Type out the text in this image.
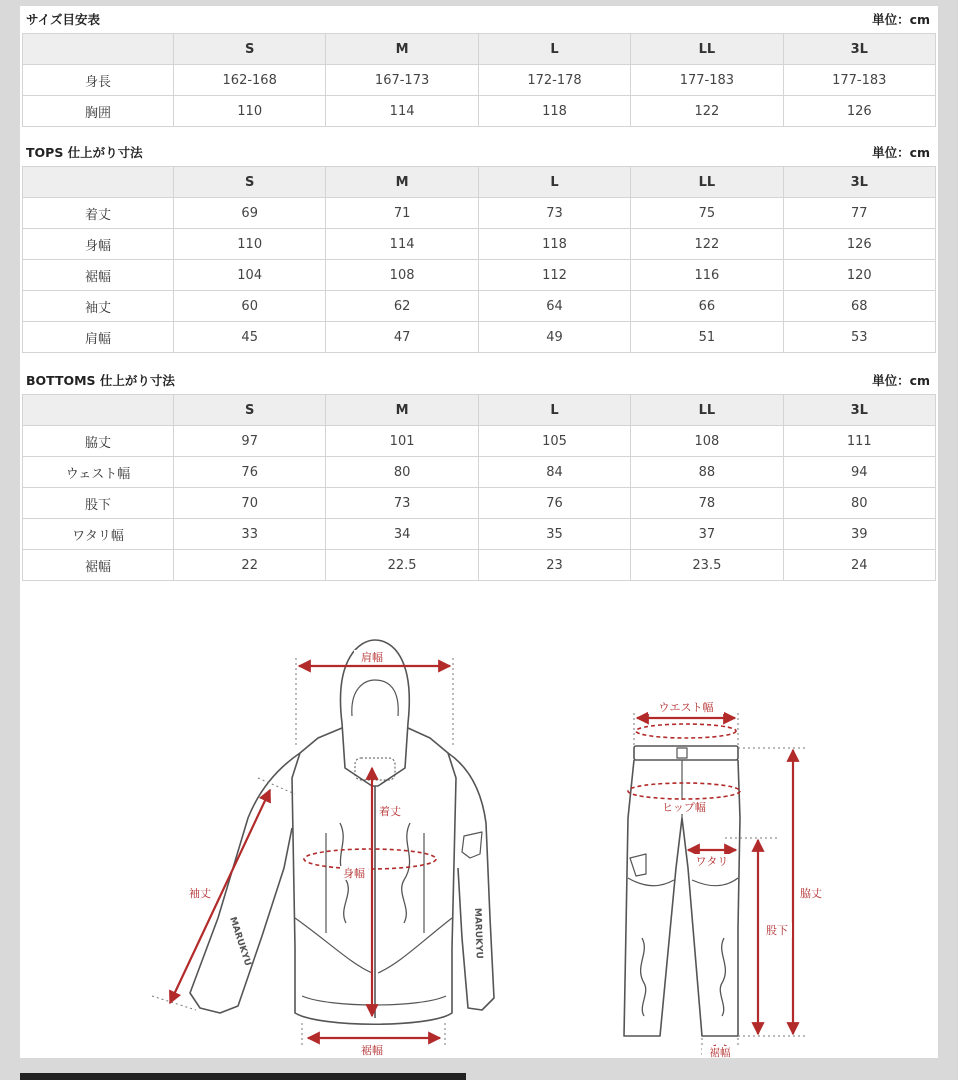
サイズ目安表	単位：cm
	S	M	L	LL	3L
身長	162-168	167-173	172-178	177-183	177-183
胸囲	110	114	118	122	126
TOPS 仕上がり寸法	単位：cm
	S	M	L	LL	3L
着丈	69	71	73	75	77
身幅	110	114	118	122	126
裾幅	104	108	112	116	120
袖丈	60	62	64	66	68
肩幅	45	47	49	51	53
BOTTOMS 仕上がり寸法	単位：cm
	S	M	L	LL	3L
脇丈	97	101	105	108	111
ウェスト幅	76	80	84	88	94
股下	70	73	76	78	80
ワタリ幅	33	34	35	37	39
裾幅	22	22.5	23	23.5	24
MARUKYU	MARUKYU
肩幅
着丈
身幅
裾幅
袖丈
ウエスト幅
ヒップ幅
ワタリ
脇丈
股下
裾幅
